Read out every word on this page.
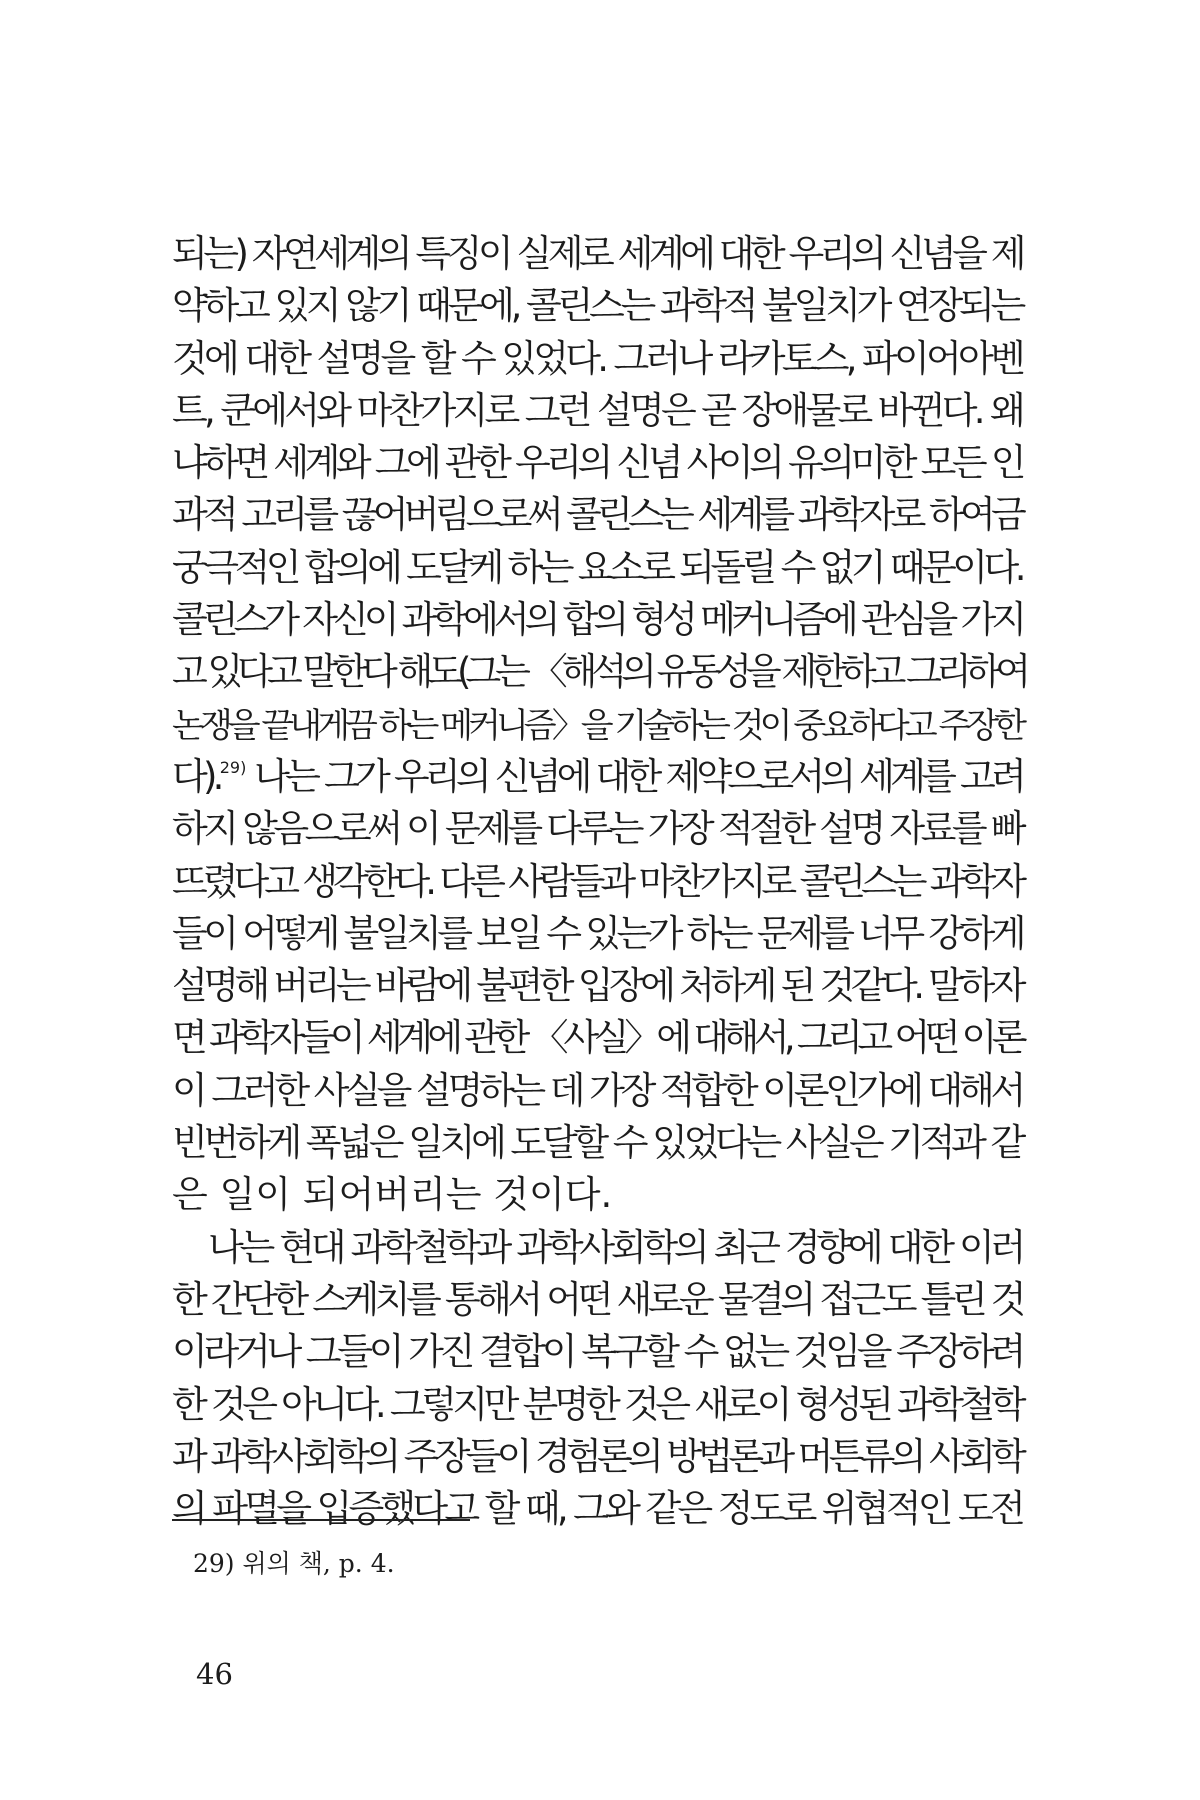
되는) 자연세계의 특징이 실제로 세계에 대한 우리의 신념을 제
약하고 있지 않기 때문에, 콜린스는 과학적 불일치가 연장되는
것에 대한 설명을 할 수 있었다. 그러나 라카토스, 파이어아벤
트, 쿤에서와 마찬가지로 그런 설명은 곧 장애물로 바뀐다. 왜
냐하면 세계와 그에 관한 우리의 신념 사이의 유의미한 모든 인
과적 고리를 끊어버림으로써 콜린스는 세계를 과학자로 하여금
궁극적인 합의에 도달케 하는 요소로 되돌릴 수 없기 때문이다.
콜린스가 자신이 과학에서의 합의 형성 메커니즘에 관심을 가지
고 있다고 말한다 해도(그는 〈해석의 유동성을 제한하고 그리하여
논쟁을 끝내게끔 하는 메커니즘〉을 기술하는 것이 중요하다고 주장한
다).$^{29)}$ 나는 그가 우리의 신념에 대한 제약으로서의 세계를 고려
하지 않음으로써 이 문제를 다루는 가장 적절한 설명 자료를 빠
뜨렸다고 생각한다. 다른 사람들과 마찬가지로 콜린스는 과학자
들이 어떻게 불일치를 보일 수 있는가 하는 문제를 너무 강하게
설명해 버리는 바람에 불편한 입장에 처하게 된 것같다. 말하자
면 과학자들이 세계에 관한 〈사실〉에 대해서, 그리고 어떤 이론
이 그러한 사실을 설명하는 데 가장 적합한 이론인가에 대해서
빈번하게 폭넓은 일치에 도달할 수 있었다는 사실은 기적과 같
은 일이 되어버리는 것이다.
나는 현대 과학철학과 과학사회학의 최근 경향에 대한 이러
한 간단한 스케치를 통해서 어떤 새로운 물결의 접근도 틀린 것
이라거나 그들이 가진 결합이 복구할 수 없는 것임을 주장하려
한 것은 아니다. 그렇지만 분명한 것은 새로이 형성된 과학철학
과 과학사회학의 주장들이 경험론의 방법론과 머튼류의 사회학
의 파멸을 입증했다고 할 때, 그와 같은 정도로 위협적인 도전
29) 위의 책, p. 4.
46
